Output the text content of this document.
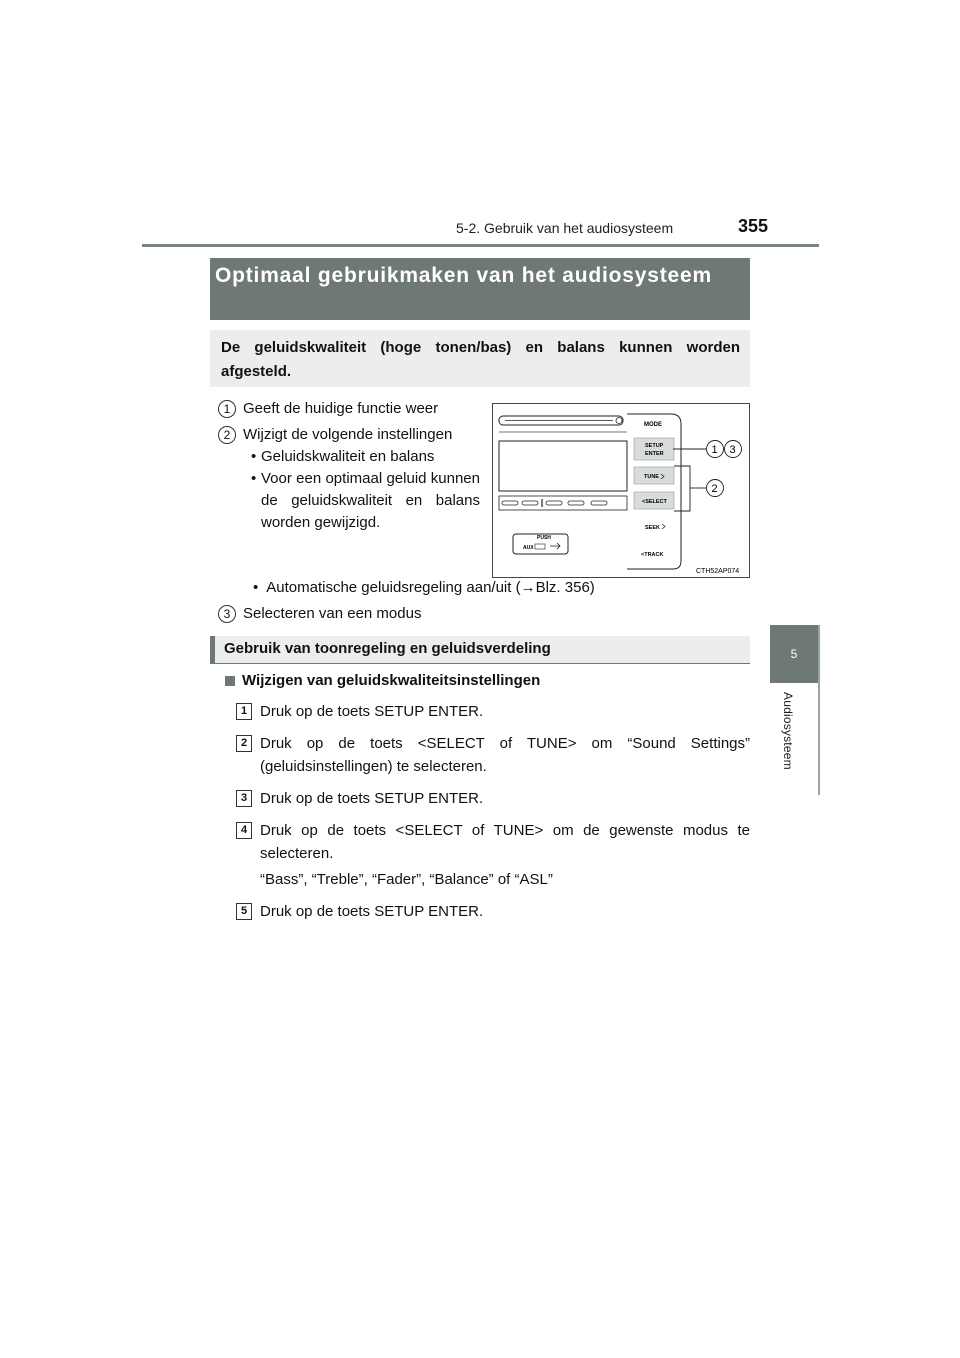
5-2. Gebruik van het audiosysteem	355
5
Audiosysteem
Optimaal gebruikmaken van het audiosysteem
De geluidskwaliteit (hoge tonen/bas) en balans kunnen worden afgesteld.
1 Geeft de huidige functie weer
2 Wijzigt de volgende instellingen
• Geluidskwaliteit en balans
• Voor een optimaal geluid kunnen de geluidskwaliteit en balans worden gewijzigd.
• Automatische geluidsregeling aan/uit (→Blz. 356)
3 Selecteren van een modus
PUSH
AUX
MODE
SETUP
ENTER
TUNE
<SELECT
SEEK
<TRACK
1 3
2
CTH52AP074
Gebruik van toonregeling en geluidsverdeling
Wijzigen van geluidskwaliteitsinstellingen
1 Druk op de toets SETUP ENTER.
2 Druk op de toets <SELECT of TUNE> om “Sound Settings” (geluidsinstellingen) te selecteren.
3 Druk op de toets SETUP ENTER.
4 Druk op de toets <SELECT of TUNE> om de gewenste modus te selecteren.
“Bass”, “Treble”, “Fader”, “Balance” of “ASL”
5 Druk op de toets SETUP ENTER.
